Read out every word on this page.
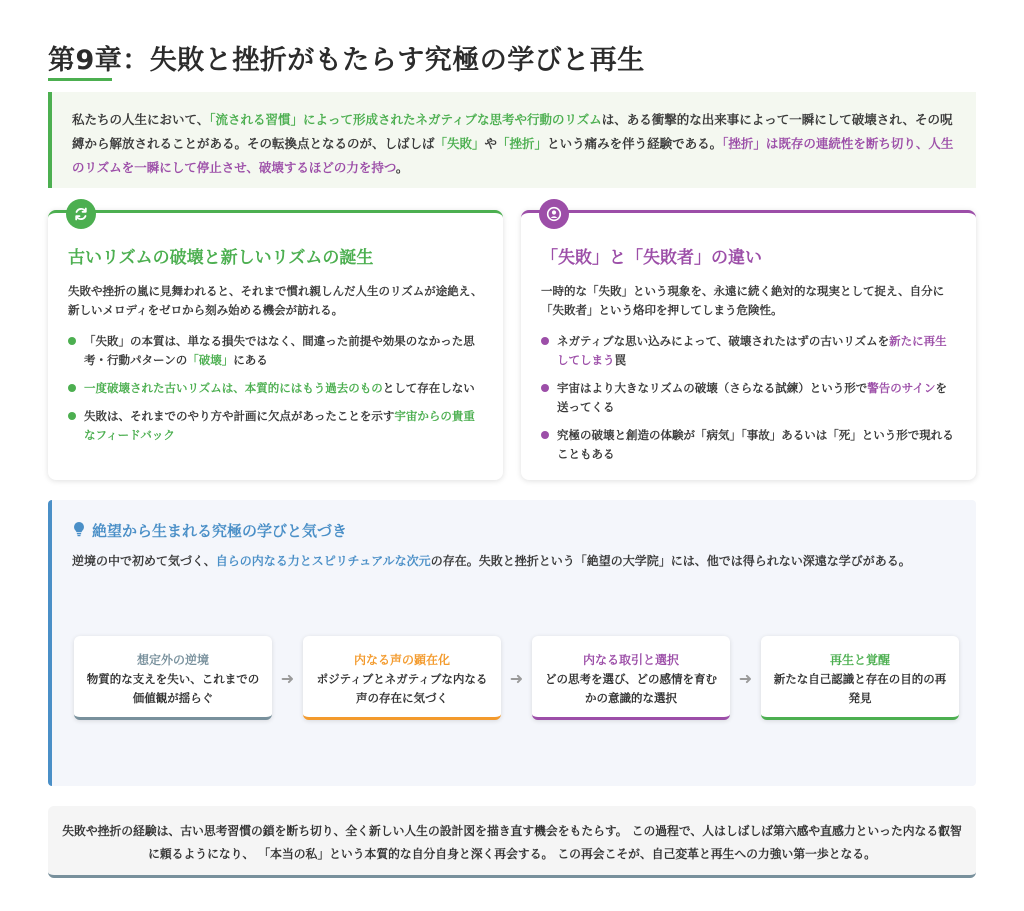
第9章：失敗と挫折がもたらす究極の学びと再生
私たちの人生において、「流される習慣」によって形成されたネガティブな思考や行動のリズムは、ある衝撃的な出来事によって一瞬にして破壊され、その呪縛から解放されることがある。その転換点となるのが、しばしば「失敗」や「挫折」という痛みを伴う経験である。「挫折」は既存の連続性を断ち切り、人生のリズムを一瞬にして停止させ、破壊するほどの力を持つ。
古いリズムの破壊と新しいリズムの誕生

失敗や挫折の嵐に見舞われると、それまで慣れ親しんだ人生のリズムが途絶え、新しいメロディをゼロから刻み始める機会が訪れる。

「失敗」の本質は、単なる損失ではなく、間違った前提や効果のなかった思考・行動パターンの「破壊」にある
一度破壊された古いリズムは、本質的にはもう過去のものとして存在しない
失敗は、それまでのやり方や計画に欠点があったことを示す宇宙からの貴重なフィードバック
「失敗」と「失敗者」の違い

一時的な「失敗」という現象を、永遠に続く絶対的な現実として捉え、自分に「失敗者」という烙印を押してしまう危険性。

ネガティブな思い込みによって、破壊されたはずの古いリズムを新たに再生してしまう罠
宇宙はより大きなリズムの破壊（さらなる試練）という形で警告のサインを送ってくる
究極の破壊と創造の体験が「病気」「事故」あるいは「死」という形で現れることもある
絶望から生まれる究極の学びと気づき

逆境の中で初めて気づく、自らの内なる力とスピリチュアルな次元の存在。失敗と挫折という「絶望の大学院」には、他では得られない深遠な学びがある。

想定外の逆境
物質的な支えを失い、これまでの価値観が揺らぐ
➜
内なる声の顕在化
ポジティブとネガティブな内なる声の存在に気づく
➜
内なる取引と選択
どの思考を選び、どの感情を育むかの意識的な選択
➜
再生と覚醒
新たな自己認識と存在の目的の再発見
失敗や挫折の経験は、古い思考習慣の鎖を断ち切り、全く新しい人生の設計図を描き直す機会をもたらす。 この過程で、人はしばしば第六感や直感力といった内なる叡智に頼るようになり、 「本当の私」という本質的な自分自身と深く再会する。 この再会こそが、自己変革と再生への力強い第一歩となる。
